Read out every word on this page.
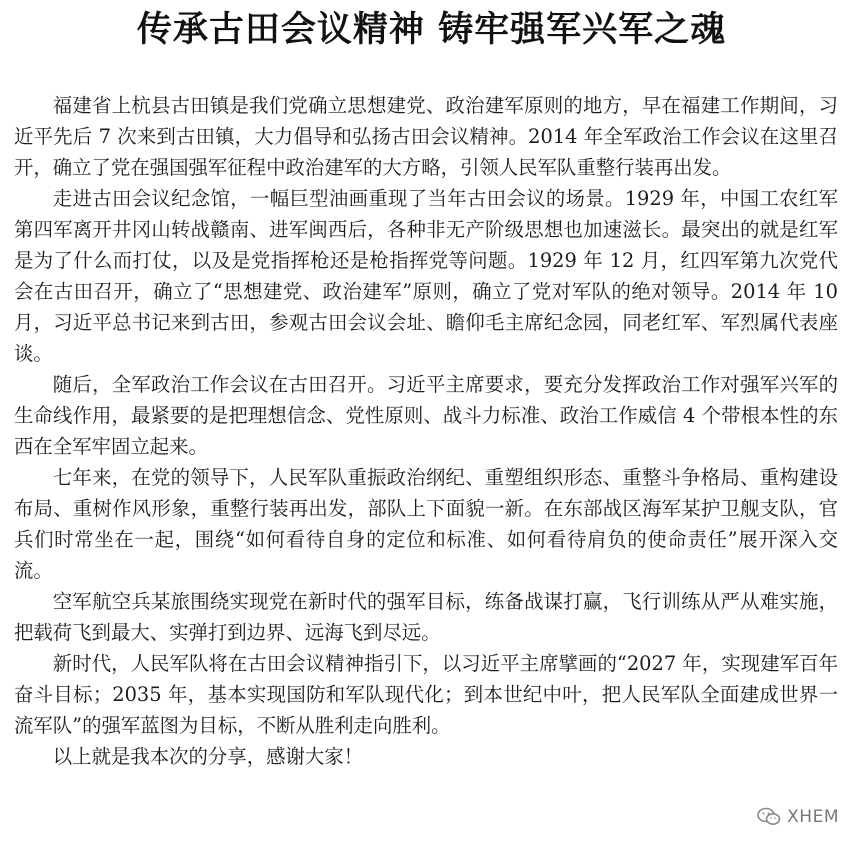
传承古田会议精神 铸牢强军兴军之魂

福建省上杭县古田镇是我们党确立思想建党、政治建军原则的地方，早在福建工作期间，习近平先后 7 次来到古田镇，大力倡导和弘扬古田会议精神。2014 年全军政治工作会议在这里召开，确立了党在强国强军征程中政治建军的大方略，引领人民军队重整行装再出发。

走进古田会议纪念馆，一幅巨型油画重现了当年古田会议的场景。1929 年，中国工农红军第四军离开井冈山转战赣南、进军闽西后，各种非无产阶级思想也加速滋长。最突出的就是红军是为了什么而打仗，以及是党指挥枪还是枪指挥党等问题。1929 年 12 月，红四军第九次党代会在古田召开，确立了“思想建党、政治建军”原则，确立了党对军队的绝对领导。2014 年 10 月，习近平总书记来到古田，参观古田会议会址、瞻仰毛主席纪念园，同老红军、军烈属代表座谈。

随后，全军政治工作会议在古田召开。习近平主席要求，要充分发挥政治工作对强军兴军的生命线作用，最紧要的是把理想信念、党性原则、战斗力标准、政治工作威信 4 个带根本性的东西在全军牢固立起来。

七年来，在党的领导下，人民军队重振政治纲纪、重塑组织形态、重整斗争格局、重构建设布局、重树作风形象，重整行装再出发，部队上下面貌一新。在东部战区海军某护卫舰支队，官兵们时常坐在一起，围绕“如何看待自身的定位和标准、如何看待肩负的使命责任”展开深入交流。

空军航空兵某旅围绕实现党在新时代的强军目标，练备战谋打赢，飞行训练从严从难实施，把载荷飞到最大、实弹打到边界、远海飞到尽远。

新时代，人民军队将在古田会议精神指引下，以习近平主席擘画的“2027 年，实现建军百年奋斗目标；2035 年，基本实现国防和军队现代化；到本世纪中叶，把人民军队全面建成世界一流军队”的强军蓝图为目标，不断从胜利走向胜利。

以上就是我本次的分享，感谢大家！

XHEM
